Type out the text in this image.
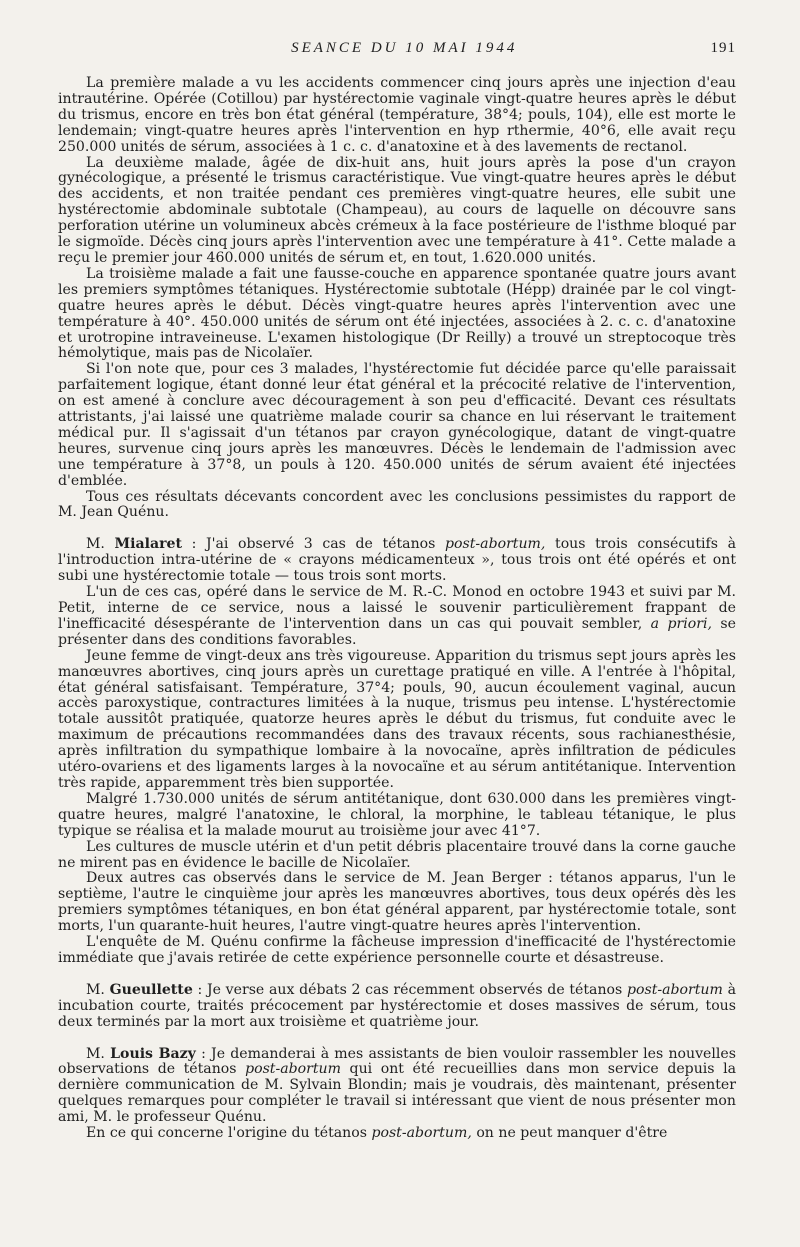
SEANCE DU 10 MAI 1944	191

La première malade a vu les accidents commencer cinq jours après une injection d'eau intrautérine. Opérée (Cotillou) par hystérectomie vaginale vingt-quatre heures après le début du trismus, encore en très bon état général (température, 38°4; pouls, 104), elle est morte le lendemain; vingt-quatre heures après l'intervention en hyp rthermie, 40°6, elle avait reçu 250.000 unités de sérum, associées à 1 c. c. d'anatoxine et à des lavements de rectanol.

La deuxième malade, âgée de dix-huit ans, huit jours après la pose d'un crayon gynécologique, a présenté le trismus caractéristique. Vue vingt-quatre heures après le début des accidents, et non traitée pendant ces premières vingt-quatre heures, elle subit une hystérectomie abdominale subtotale (Champeau), au cours de laquelle on découvre sans perforation utérine un volumineux abcès crémeux à la face postérieure de l'isthme bloqué par le sigmoïde. Décès cinq jours après l'intervention avec une température à 41°. Cette malade a reçu le premier jour 460.000 unités de sérum et, en tout, 1.620.000 unités.

La troisième malade a fait une fausse-couche en apparence spontanée quatre jours avant les premiers symptômes tétaniques. Hystérectomie subtotale (Hépp) drainée par le col vingt-quatre heures après le début. Décès vingt-quatre heures après l'intervention avec une température à 40°. 450.000 unités de sérum ont été injectées, associées à 2. c. c. d'anatoxine et urotropine intraveineuse. L'examen histologique (Dr Reilly) a trouvé un streptocoque très hémolytique, mais pas de Nicolaïer.

Si l'on note que, pour ces 3 malades, l'hystérectomie fut décidée parce qu'elle paraissait parfaitement logique, étant donné leur état général et la précocité relative de l'intervention, on est amené à conclure avec découragement à son peu d'efficacité. Devant ces résultats attristants, j'ai laissé une quatrième malade courir sa chance en lui réservant le traitement médical pur. Il s'agissait d'un tétanos par crayon gynécologique, datant de vingt-quatre heures, survenue cinq jours après les manœuvres. Décès le lendemain de l'admission avec une température à 37°8, un pouls à 120. 450.000 unités de sérum avaient été injectées d'emblée.

Tous ces résultats décevants concordent avec les conclusions pessimistes du rapport de M. Jean Quénu.

M. Mialaret : J'ai observé 3 cas de tétanos post-abortum, tous trois consécutifs à l'introduction intra-utérine de « crayons médicamenteux », tous trois ont été opérés et ont subi une hystérectomie totale — tous trois sont morts.

L'un de ces cas, opéré dans le service de M. R.-C. Monod en octobre 1943 et suivi par M. Petit, interne de ce service, nous a laissé le souvenir particulièrement frappant de l'inefficacité désespérante de l'intervention dans un cas qui pouvait sembler, a priori, se présenter dans des conditions favorables.

Jeune femme de vingt-deux ans très vigoureuse. Apparition du trismus sept jours après les manœuvres abortives, cinq jours après un curettage pratiqué en ville. A l'entrée à l'hôpital, état général satisfaisant. Température, 37°4; pouls, 90, aucun écoulement vaginal, aucun accès paroxystique, contractures limitées à la nuque, trismus peu intense. L'hystérectomie totale aussitôt pratiquée, quatorze heures après le début du trismus, fut conduite avec le maximum de précautions recommandées dans des travaux récents, sous rachianesthésie, après infiltration du sympathique lombaire à la novocaïne, après infiltration de pédicules utéro-ovariens et des ligaments larges à la novocaïne et au sérum antitétanique. Intervention très rapide, apparemment très bien supportée.

Malgré 1.730.000 unités de sérum antitétanique, dont 630.000 dans les premières vingt-quatre heures, malgré l'anatoxine, le chloral, la morphine, le tableau tétanique, le plus typique se réalisa et la malade mourut au troisième jour avec 41°7.

Les cultures de muscle utérin et d'un petit débris placentaire trouvé dans la corne gauche ne mirent pas en évidence le bacille de Nicolaïer.

Deux autres cas observés dans le service de M. Jean Berger : tétanos apparus, l'un le septième, l'autre le cinquième jour après les manœuvres abortives, tous deux opérés dès les premiers symptômes tétaniques, en bon état général apparent, par hystérectomie totale, sont morts, l'un quarante-huit heures, l'autre vingt-quatre heures après l'intervention.

L'enquête de M. Quénu confirme la fâcheuse impression d'inefficacité de l'hystérectomie immédiate que j'avais retirée de cette expérience personnelle courte et désastreuse.

M. Gueullette : Je verse aux débats 2 cas récemment observés de tétanos post-abortum à incubation courte, traités précocement par hystérectomie et doses massives de sérum, tous deux terminés par la mort aux troisième et quatrième jour.

M. Louis Bazy : Je demanderai à mes assistants de bien vouloir rassembler les nouvelles observations de tétanos post-abortum qui ont été recueillies dans mon service depuis la dernière communication de M. Sylvain Blondin; mais je voudrais, dès maintenant, présenter quelques remarques pour compléter le travail si intéressant que vient de nous présenter mon ami, M. le professeur Quénu.

En ce qui concerne l'origine du tétanos post-abortum, on ne peut manquer d'être
